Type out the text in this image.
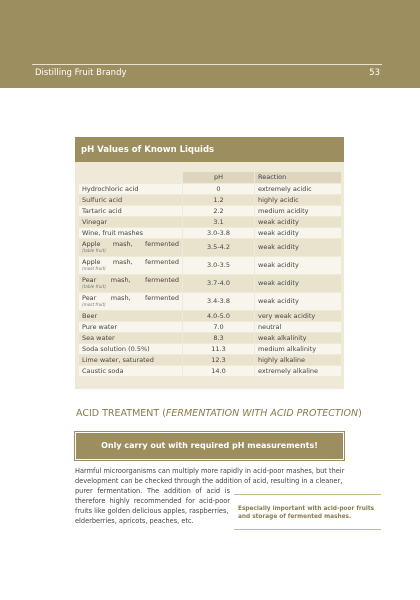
Distilling Fruit Brandy	53
pH Values of Known Liquids
	pH	Reaction
Hydrochloric acid	0	extremely acidic
Sulfuric acid	1.2	highly acidic
Tartaric acid	2.2	medium acidity
Vinegar	3.1	weak acidity
Wine, fruit mashes	3.0-3.8	weak acidity

Apple mash, fermented
(table fruit)	3.5-4.2	weak acidity

Apple mash, fermented
(most fruit)	3.0-3.5	weak acidity

Pear mash, fermented
(table fruit)	3.7-4.0	weak acidity

Pear mash, fermented
(most fruit)	3.4-3.8	weak acidity
Beer	4.0-5.0	very weak acidity
Pure water	7.0	neutral
Sea water	8.3	weak alkalinity
Soda solution (0.5%)	11.3	medium alkalinity
Lime water, saturated	12.3	highly alkaline
Caustic soda	14.0	extremely alkaline
ACID TREATMENT (FERMENTATION WITH ACID PROTECTION)
Only carry out with required pH measurements!
Harmful microorganisms can multiply more rapidly in acid-poor mashes, but their
development can be checked through the addition of acid, resulting in a cleaner,
purer fermentation. The addition of acid is
therefore highly recommended for acid-poor
fruits like golden delicious apples, raspberries,
elderberries, apricots, peaches, etc.
Especially important with acid-poor fruits and storage of fermented mashes.
